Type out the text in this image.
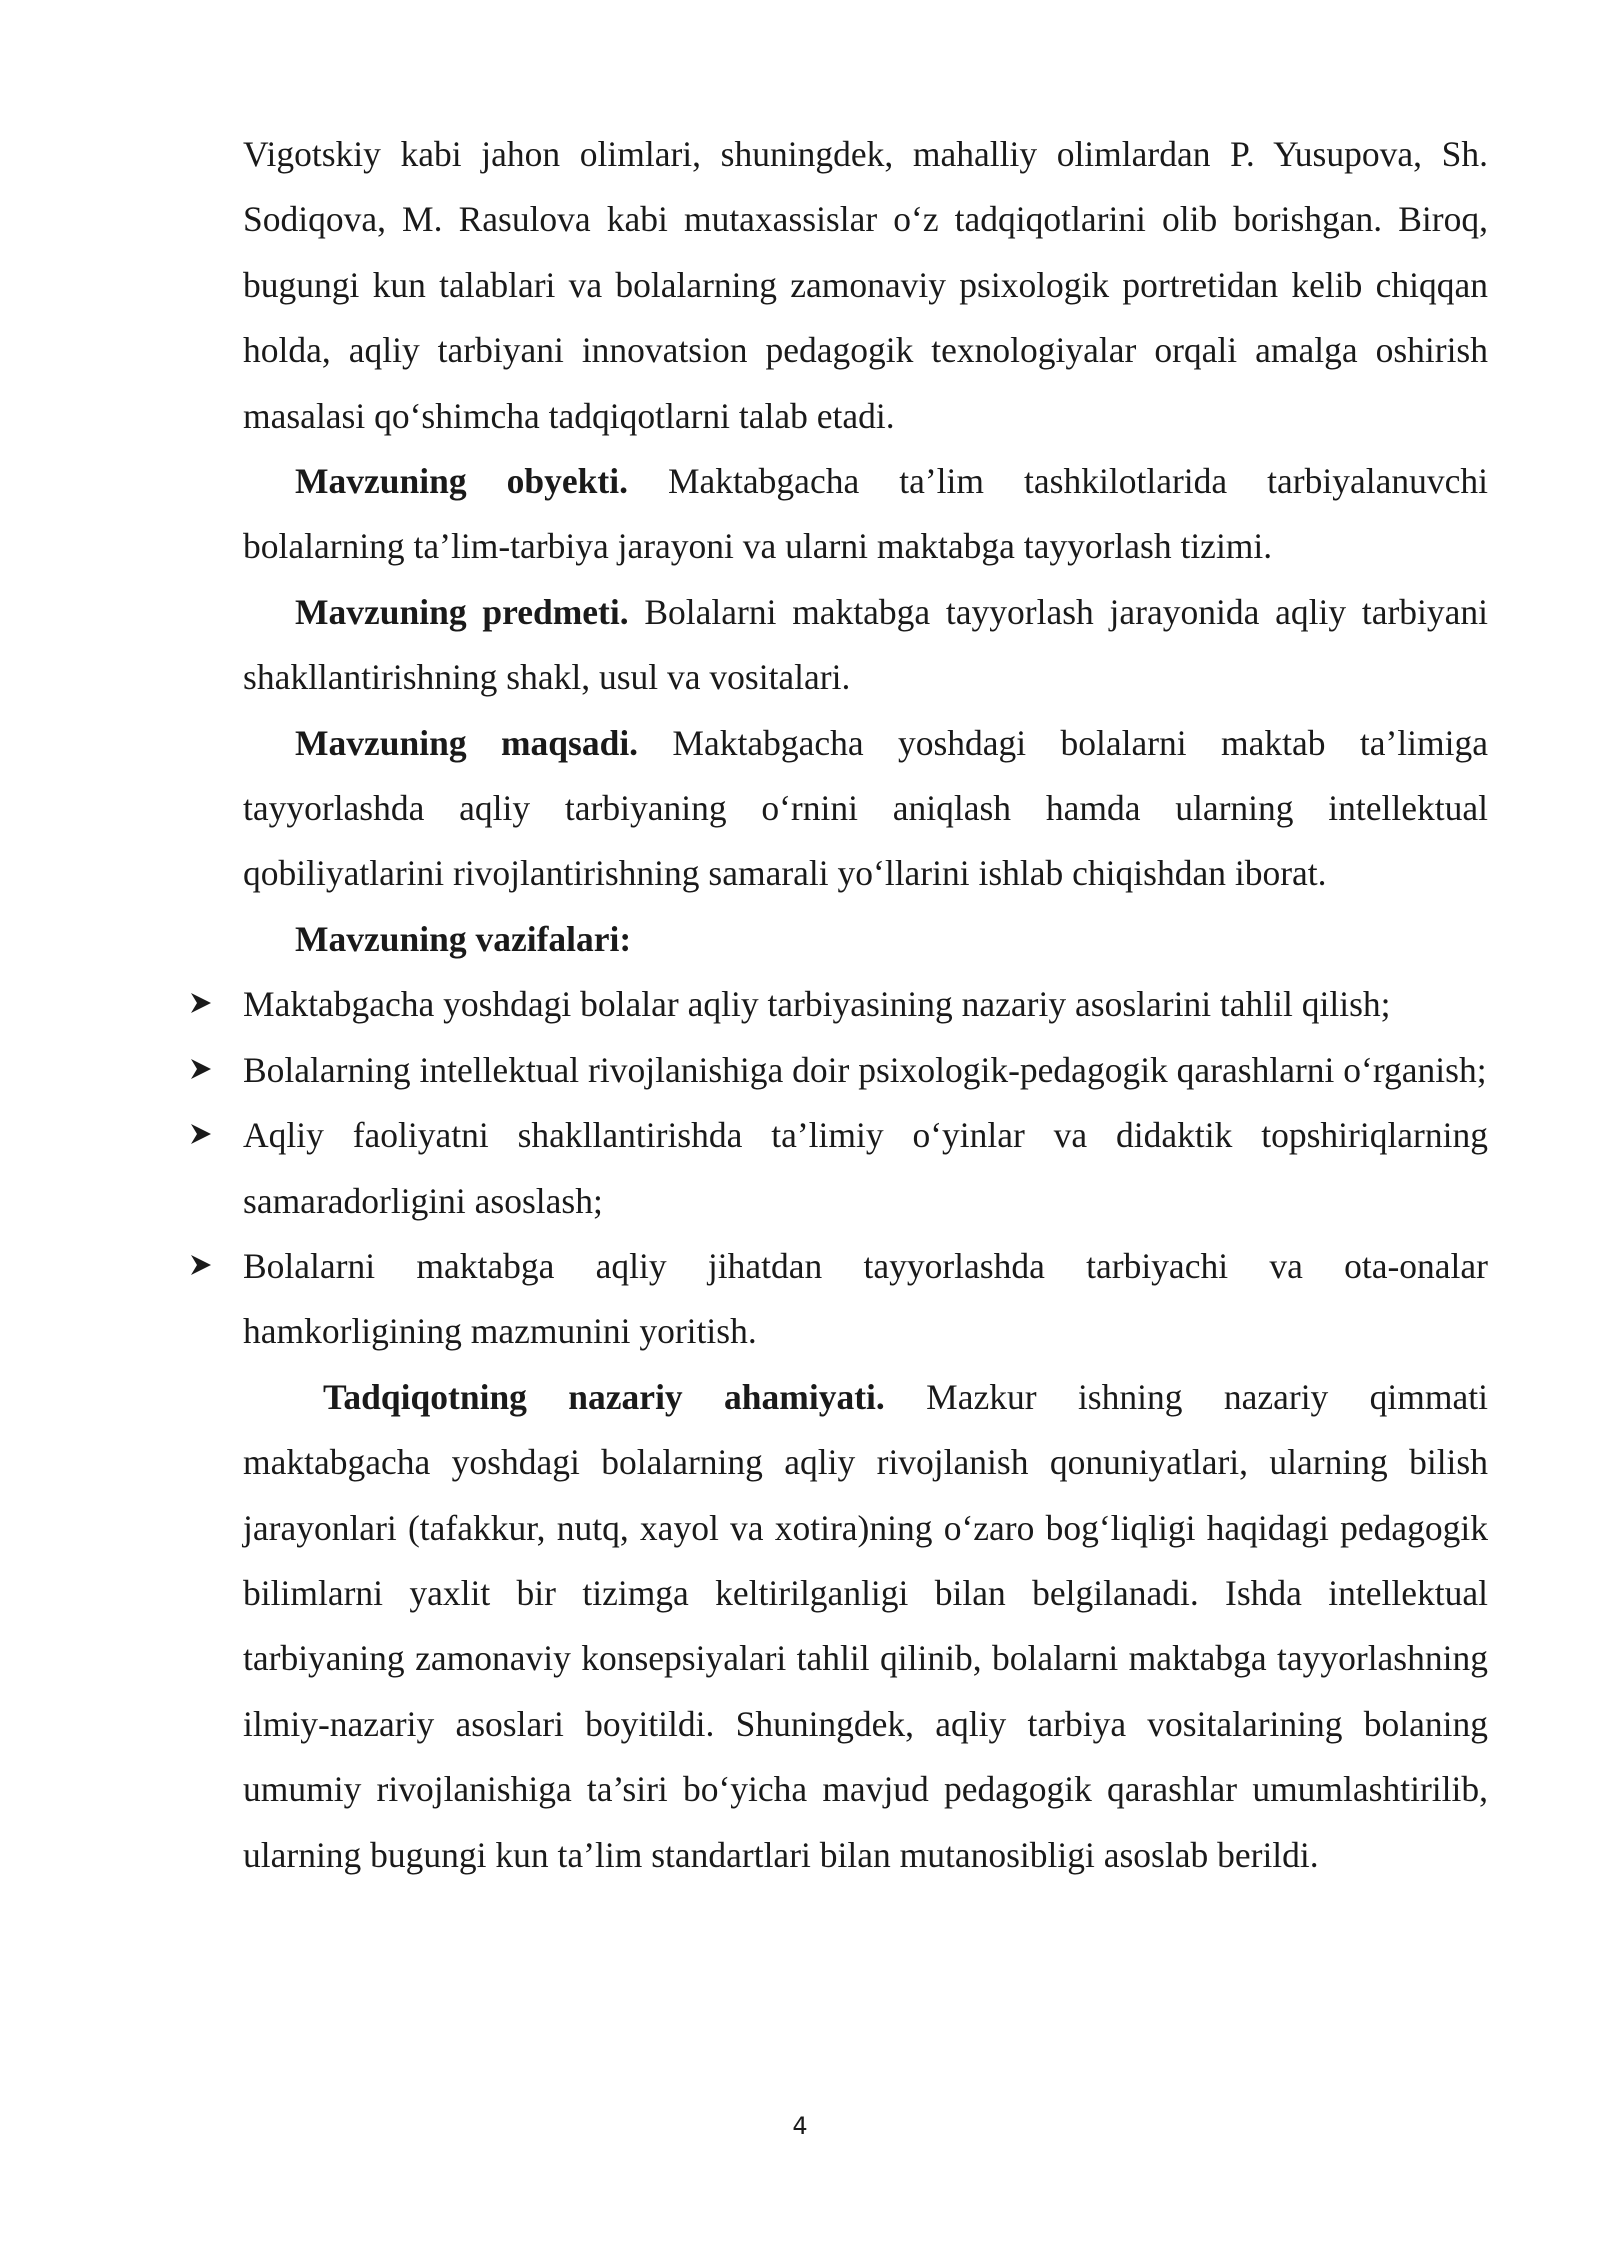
Vigotskiy kabi jahon olimlari, shuningdek, mahalliy olimlardan P. Yusupova, Sh. Sodiqova, M. Rasulova kabi mutaxassislar o‘z tadqiqotlarini olib borishgan. Biroq, bugungi kun talablari va bolalarning zamonaviy psixologik portretidan kelib chiqqan holda, aqliy tarbiyani innovatsion pedagogik texnologiyalar orqali amalga oshirish masalasi qo‘shimcha tadqiqotlarni talab etadi.

Mavzuning obyekti. Maktabgacha ta’lim tashkilotlarida tarbiyalanuvchi bolalarning ta’lim-tarbiya jarayoni va ularni maktabga tayyorlash tizimi.

Mavzuning predmeti. Bolalarni maktabga tayyorlash jarayonida aqliy tarbiyani shakllantirishning shakl, usul va vositalari.

Mavzuning maqsadi. Maktabgacha yoshdagi bolalarni maktab ta’limiga tayyorlashda aqliy tarbiyaning o‘rnini aniqlash hamda ularning intellektual qobiliyatlarini rivojlantirishning samarali yo‘llarini ishlab chiqishdan iborat.

Mavzuning vazifalari:

Maktabgacha yoshdagi bolalar aqliy tarbiyasining nazariy asoslarini tahlil qilish;
Bolalarning intellektual rivojlanishiga doir psixologik-pedagogik qarashlarni o‘rganish;
Aqliy faoliyatni shakllantirishda ta’limiy o‘yinlar va didaktik topshiriqlarning samaradorligini asoslash;
Bolalarni maktabga aqliy jihatdan tayyorlashda tarbiyachi va ota-onalar hamkorligining mazmunini yoritish.

Tadqiqotning nazariy ahamiyati. Mazkur ishning nazariy qimmati maktabgacha yoshdagi bolalarning aqliy rivojlanish qonuniyatlari, ularning bilish jarayonlari (tafakkur, nutq, xayol va xotira)ning o‘zaro bog‘liqligi haqidagi pedagogik bilimlarni yaxlit bir tizimga keltirilganligi bilan belgilanadi. Ishda intellektual tarbiyaning zamonaviy konsepsiyalari tahlil qilinib, bolalarni maktabga tayyorlashning ilmiy-nazariy asoslari boyitildi. Shuningdek, aqliy tarbiya vositalarining bolaning umumiy rivojlanishiga ta’siri bo‘yicha mavjud pedagogik qarashlar umumlashtirilib, ularning bugungi kun ta’lim standartlari bilan mutanosibligi asoslab berildi.

4
